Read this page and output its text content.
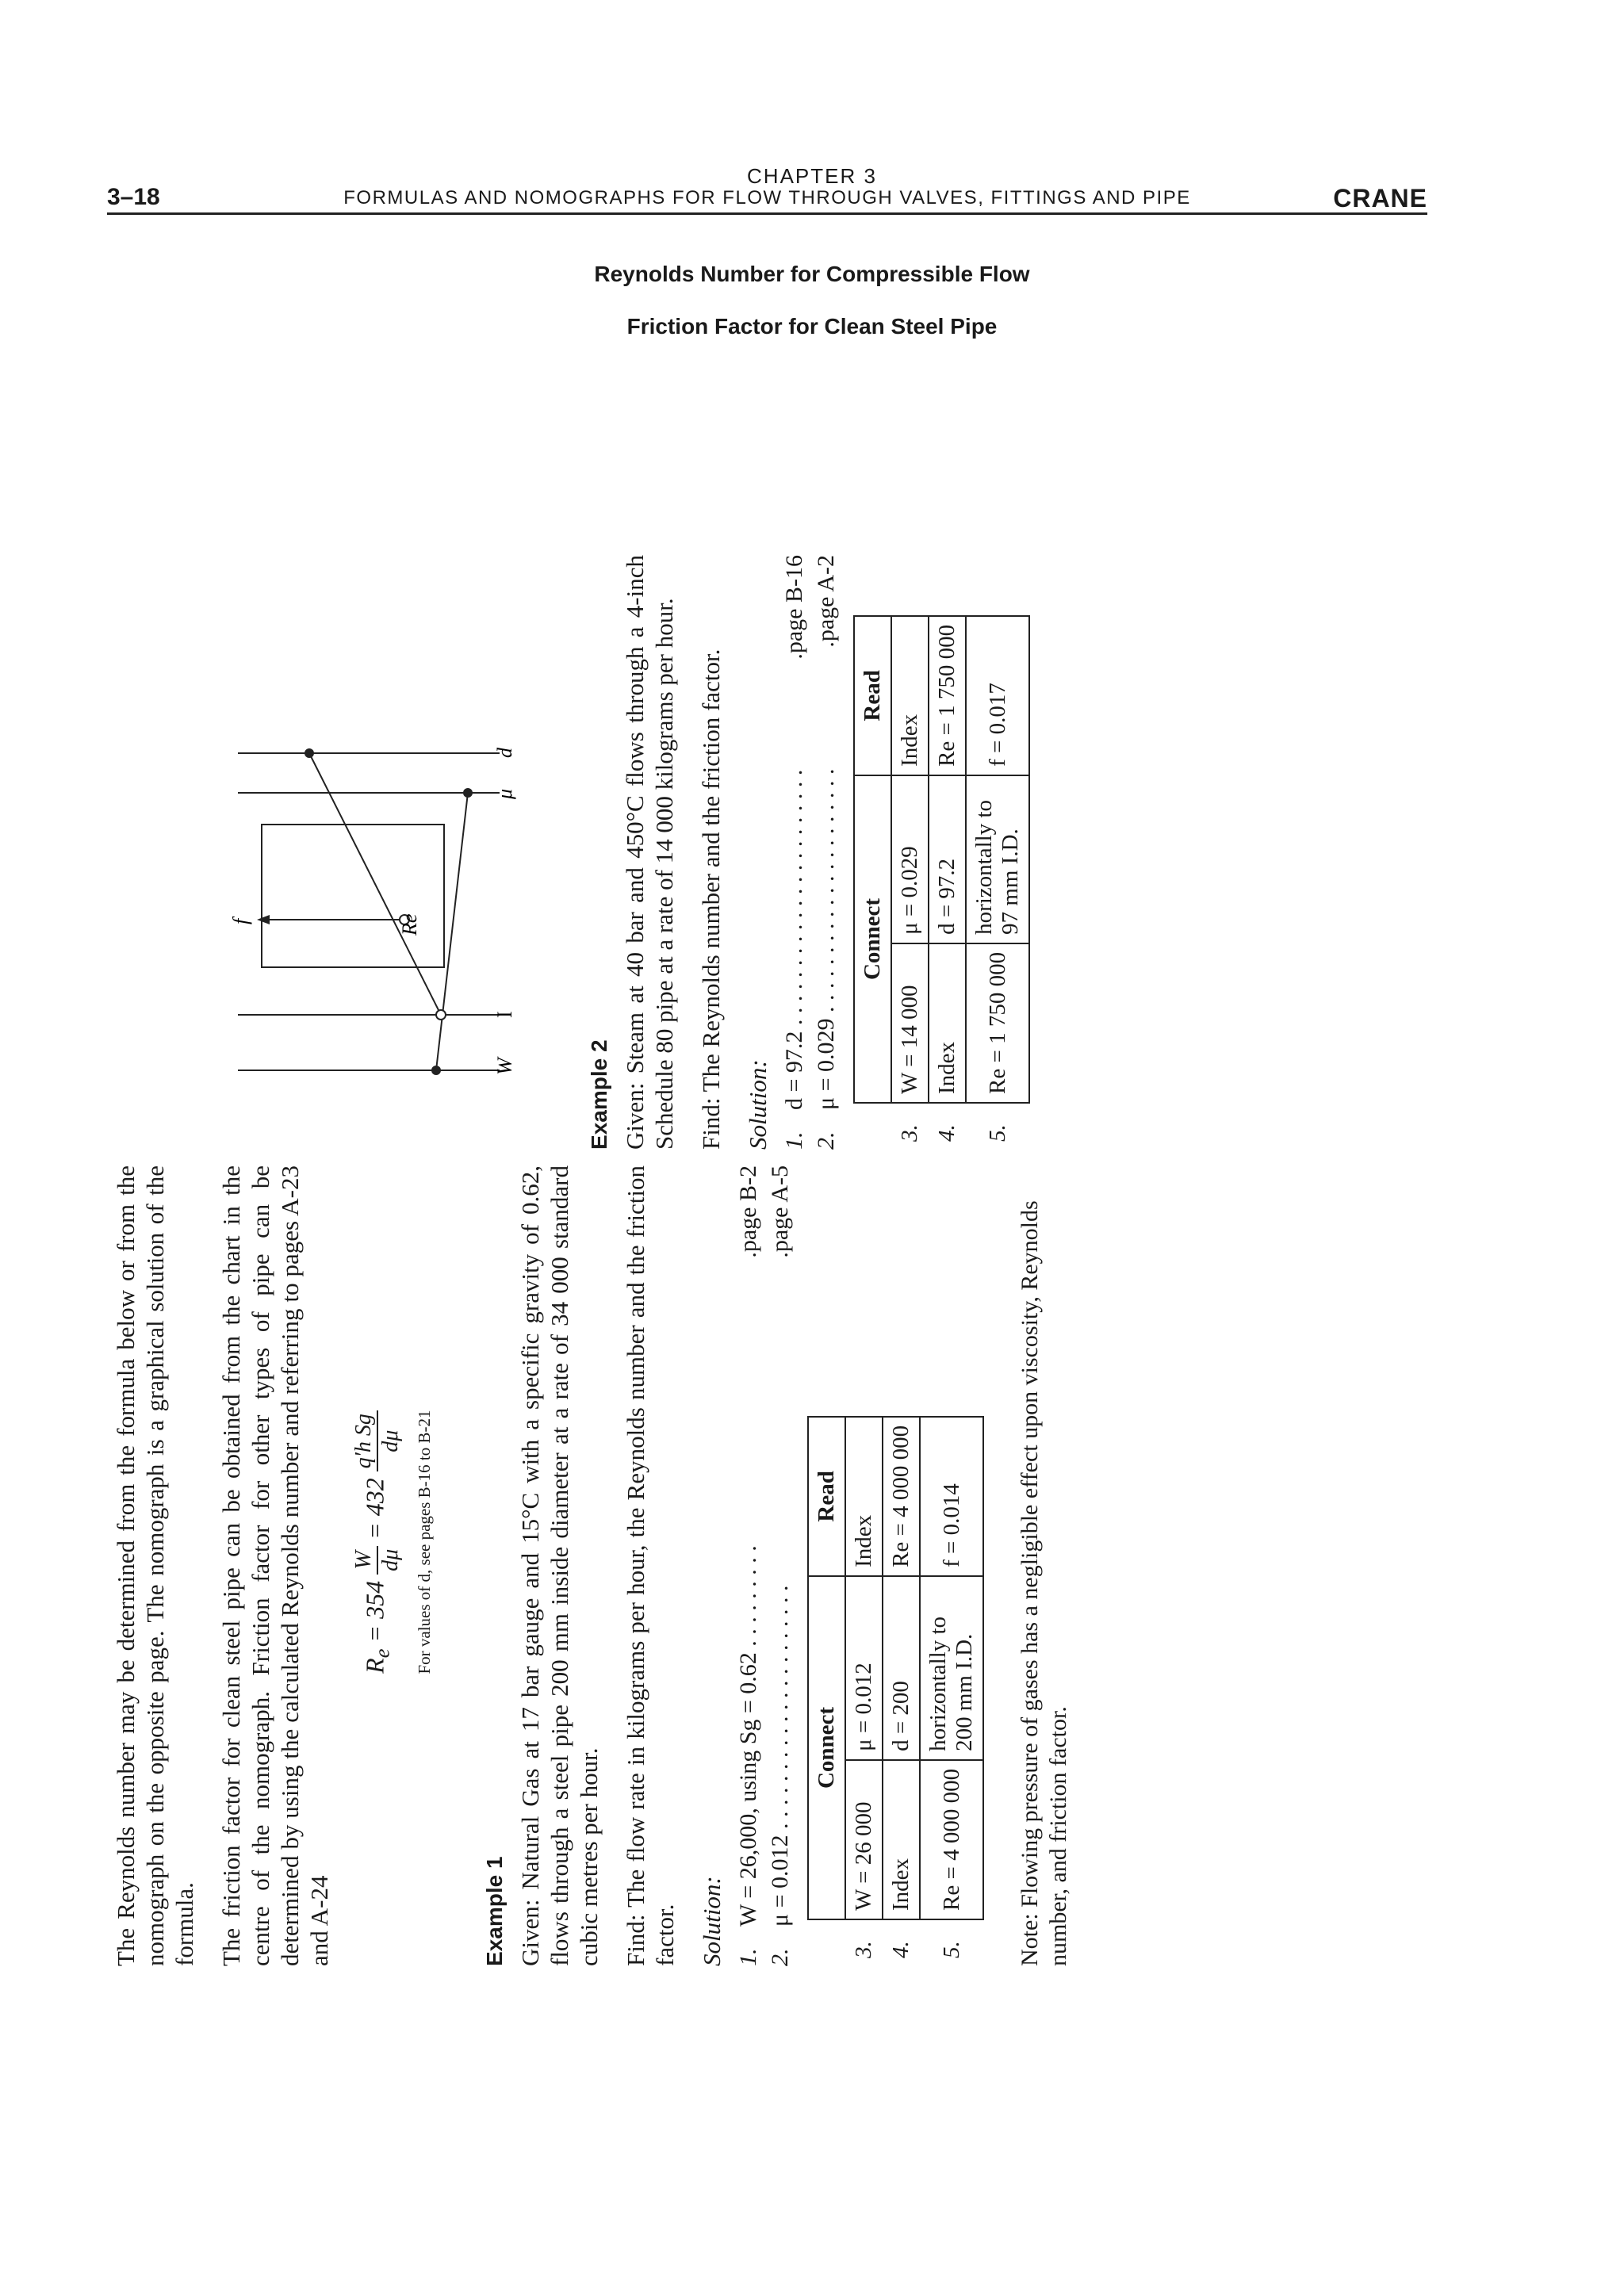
CHAPTER 3
3–18	FORMULAS AND NOMOGRAPHS FOR FLOW THROUGH VALVES, FITTINGS AND PIPE	CRANE
Reynolds Number for Compressible Flow
Friction Factor for Clean Steel Pipe

The Reynolds number may be determined from the formula below or from the nomograph on the opposite page. The nomograph is a graphical solution of the formula. The friction factor for clean steel pipe can be obtained from the chart in the centre of the nomograph. Friction factor for other types of pipe can be determined by using the calculated Reynolds number and referring to pages A-23 and A-24

$R_e = 354$
W dμ
= 432
q′h Sg dμ For values of d, see pages B-16 to B-21
Example 1 Given: Natural Gas at 17 bar gauge and 15°C with a specific gravity of 0.62, flows through a steel pipe 200 mm inside diameter at a rate of 34 000 standard cubic metres per hour. Find: The flow rate in kilograms per hour, the Reynolds number and the friction factor. Solution: 1.
W = 26,000, using Sg = 0.62 . . . . . . . . .
.page B-2
2.
μ = 0.012 . . . . . . . . . . . . . . . . . . . . .
.page A-5
	Connect		Read
3.	W = 26 000	μ = 0.012	Index
4.	Index	d = 200	Re = 4 000 000
5.	Re = 4 000 000	horizontally to 200 mm I.D.	f = 0.014 Note: Flowing pressure of gases has a negligible effect upon viscosity, Reynolds number, and friction factor.
Example 2 Given: Steam at 40 bar and 450°C flows through a 4-inch Schedule 80 pipe at a rate of 14 000 kilograms per hour. Find: The Reynolds number and the friction factor. Solution: 1.
d = 97.2 . . . . . . . . . . . . . . . . . . . . . .
.page B-16
2.
μ = 0.029 . . . . . . . . . . . . . . . . . . . . .
.page A-2
	Connect		Read
3.	W = 14 000	μ = 0.029	Index
4.	Index	d = 97.2	Re = 1 750 000
5.	Re = 1 750 000	horizontally to 97 mm I.D.	f = 0.017
W
I
Re
μ
d
f
